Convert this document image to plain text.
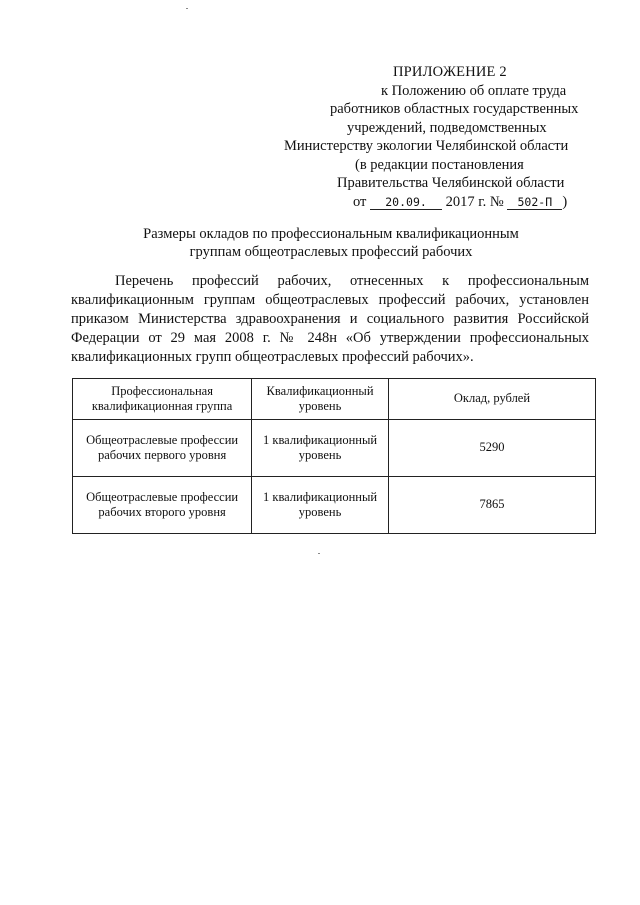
ПРИЛОЖЕНИЕ 2
к Положению об оплате труда
работников областных государственных
учреждений, подведомственных
Министерству экологии Челябинской области
(в редакции постановления
Правительства Челябинской области
от 20.09. 2017 г. № 502-П )
Размеры окладов по профессиональным квалификационным
группам общеотраслевых профессий рабочих
Перечень профессий рабочих, отнесенных к профессиональным квалификационным группам общеотраслевых профессий рабочих, установлен приказом Министерства здравоохранения и социального развития Российской Федерации от 29 мая 2008 г. № 248н «Об утверждении профессиональных квалификационных групп общеотраслевых профессий рабочих».
Профессиональная квалификационная группа	Квалификационный уровень	Оклад, рублей
Общеотраслевые профессии рабочих первого уровня	1 квалификационный уровень	5290
Общеотраслевые профессии рабочих второго уровня	1 квалификационный уровень	7865
